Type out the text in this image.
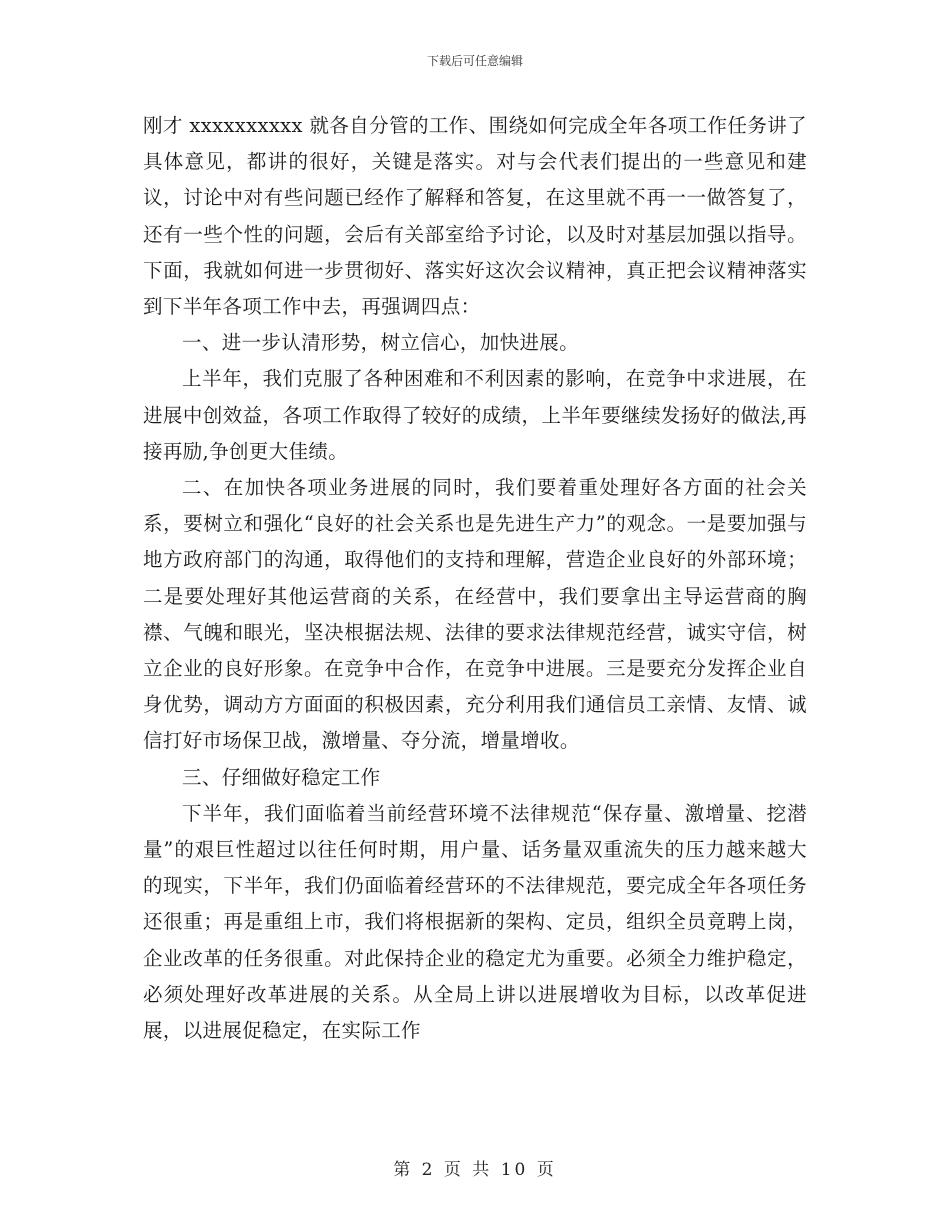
下载后可任意编辑

刚才 xxxxxxxxxx 就各自分管的工作、围绕如何完成全年各项工作任务讲了具体意见，都讲的很好，关键是落实。对与会代表们提出的一些意见和建议，讨论中对有些问题已经作了解释和答复，在这里就不再一一做答复了，还有一些个性的问题，会后有关部室给予讨论，以及时对基层加强以指导。下面，我就如何进一步贯彻好、落实好这次会议精神，真正把会议精神落实到下半年各项工作中去，再强调四点：

一、进一步认清形势，树立信心，加快进展。

上半年，我们克服了各种困难和不利因素的影响，在竞争中求进展，在进展中创效益，各项工作取得了较好的成绩，上半年要继续发扬好的做法,再接再励,争创更大佳绩。

二、在加快各项业务进展的同时，我们要着重处理好各方面的社会关系，要树立和强化“良好的社会关系也是先进生产力”的观念。一是要加强与地方政府部门的沟通，取得他们的支持和理解，营造企业良好的外部环境；二是要处理好其他运营商的关系，在经营中，我们要拿出主导运营商的胸襟、气魄和眼光，坚决根据法规、法律的要求法律规范经营，诚实守信，树立企业的良好形象。在竞争中合作，在竞争中进展。三是要充分发挥企业自身优势，调动方方面面的积极因素，充分利用我们通信员工亲情、友情、诚信打好市场保卫战，激增量、夺分流，增量增收。

三、仔细做好稳定工作

下半年，我们面临着当前经营环境不法律规范“保存量、激增量、挖潜量”的艰巨性超过以往任何时期，用户量、话务量双重流失的压力越来越大的现实，下半年，我们仍面临着经营环的不法律规范，要完成全年各项任务还很重；再是重组上市，我们将根据新的架构、定员，组织全员竟聘上岗，企业改革的任务很重。对此保持企业的稳定尤为重要。必须全力维护稳定，必须处理好改革进展的关系。从全局上讲以进展增收为目标，以改革促进展，以进展促稳定，在实际工作

第 2 页 共 10 页
